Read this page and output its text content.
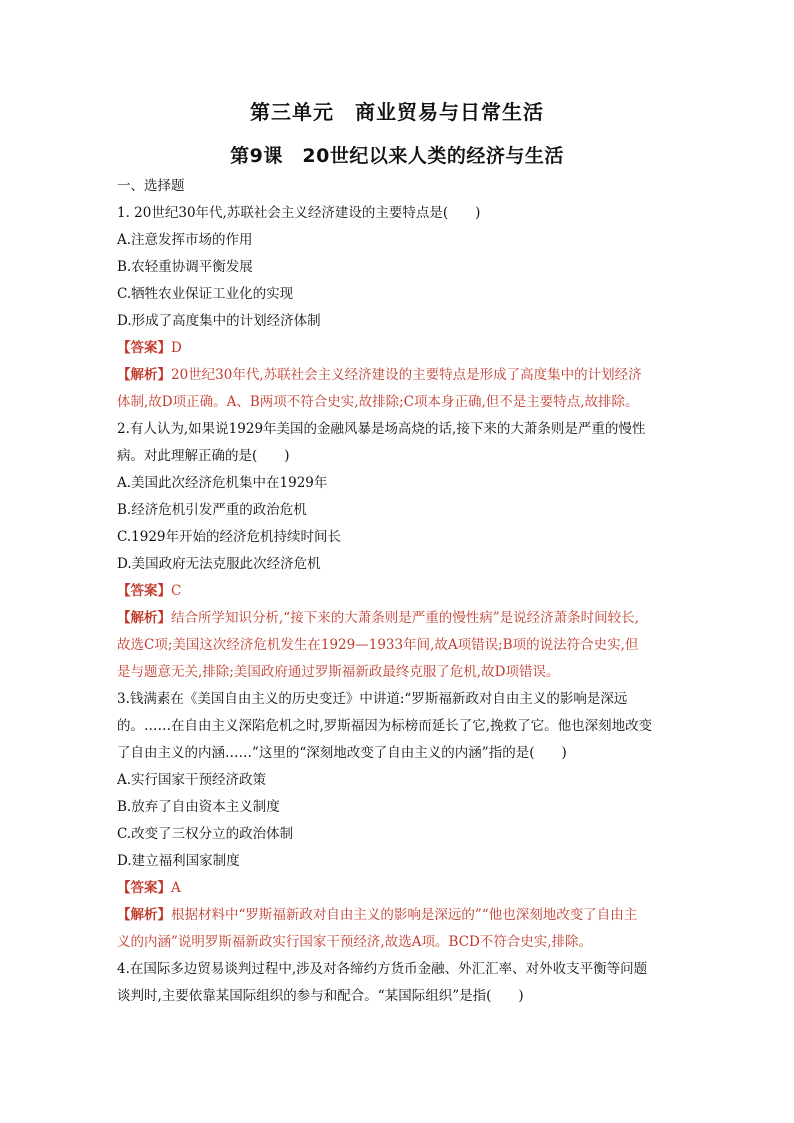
第三单元　商业贸易与日常生活
第9课　20世纪以来人类的经济与生活
一、选择题
1. 20世纪30年代,苏联社会主义经济建设的主要特点是(　　)
A.注意发挥市场的作用
B.农轻重协调平衡发展
C.牺牲农业保证工业化的实现
D.形成了高度集中的计划经济体制
【答案】D
【解析】20世纪30年代,苏联社会主义经济建设的主要特点是形成了高度集中的计划经济
体制,故D项正确。A、B两项不符合史实,故排除;C项本身正确,但不是主要特点,故排除。
2.有人认为,如果说1929年美国的金融风暴是场高烧的话,接下来的大萧条则是严重的慢性
病。对此理解正确的是(　　)
A.美国此次经济危机集中在1929年
B.经济危机引发严重的政治危机
C.1929年开始的经济危机持续时间长
D.美国政府无法克服此次经济危机
【答案】C
【解析】结合所学知识分析,“接下来的大萧条则是严重的慢性病”是说经济萧条时间较长,
故选C项;美国这次经济危机发生在1929—1933年间,故A项错误;B项的说法符合史实,但
是与题意无关,排除;美国政府通过罗斯福新政最终克服了危机,故D项错误。
3.钱满素在《美国自由主义的历史变迁》中讲道:“罗斯福新政对自由主义的影响是深远
的。……在自由主义深陷危机之时,罗斯福因为标榜而延长了它,挽救了它。他也深刻地改变
了自由主义的内涵……”这里的“深刻地改变了自由主义的内涵”指的是(　　)
A.实行国家干预经济政策
B.放弃了自由资本主义制度
C.改变了三权分立的政治体制
D.建立福利国家制度
【答案】A
【解析】根据材料中“罗斯福新政对自由主义的影响是深远的”“他也深刻地改变了自由主
义的内涵”说明罗斯福新政实行国家干预经济,故选A项。BCD不符合史实,排除。
4.在国际多边贸易谈判过程中,涉及对各缔约方货币金融、外汇汇率、对外收支平衡等问题
谈判时,主要依靠某国际组织的参与和配合。“某国际组织”是指(　　)
